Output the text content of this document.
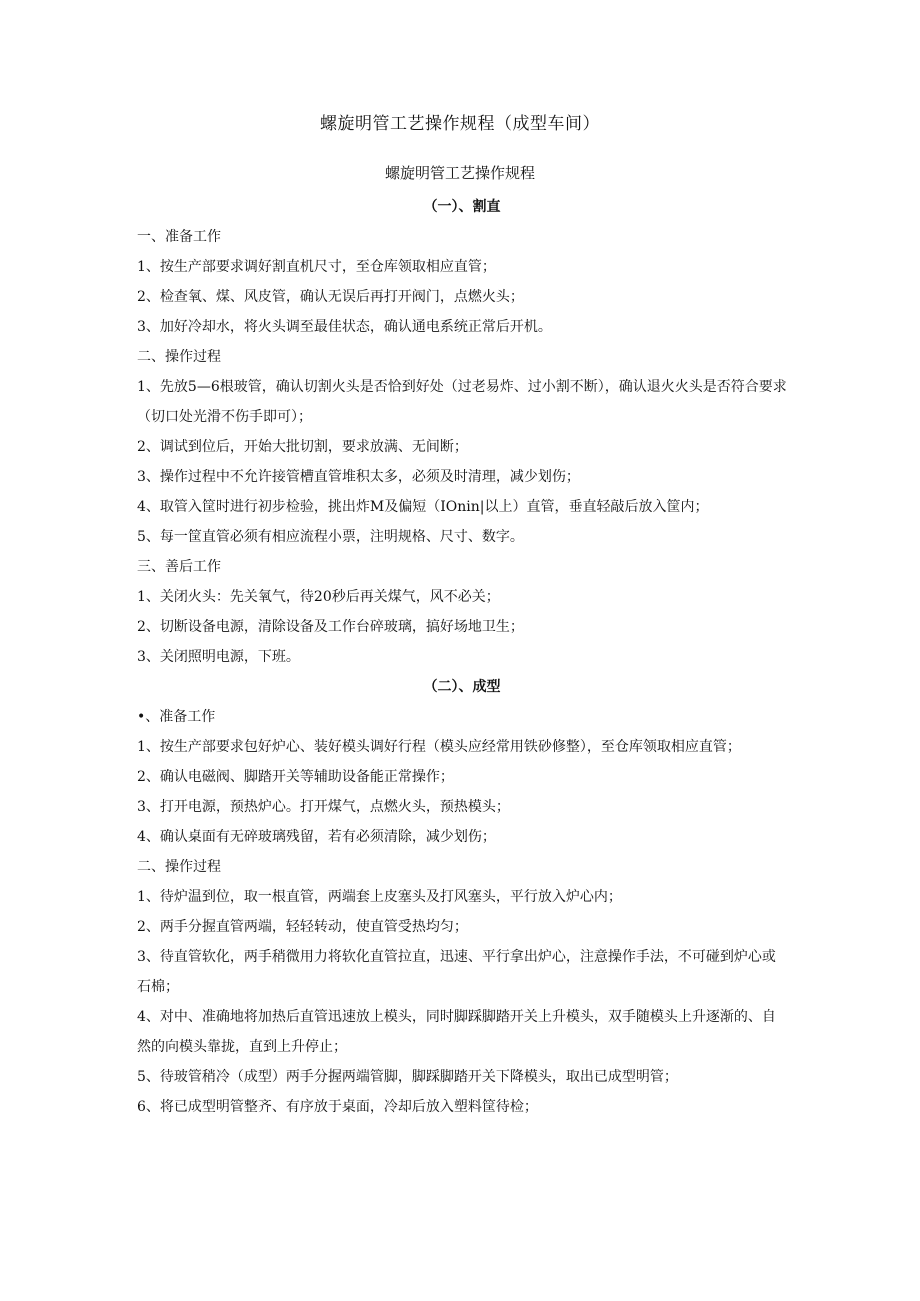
螺旋明管工艺操作规程（成型车间）
螺旋明管工艺操作规程

（一）、割直

一、准备工作

1、按生产部要求调好割直机尺寸，至仓库领取相应直管；

2、检查氧、煤、风皮管，确认无误后再打开阀门，点燃火头；

3、加好冷却水，将火头调至最佳状态，确认通电系统正常后开机。

二、操作过程

1、先放5—6根玻管，确认切割火头是否恰到好处（过老易炸、过小割不断），确认退火火头是否符合要求（切口处光滑不伤手即可）；

2、调试到位后，开始大批切割，要求放满、无间断；

3、操作过程中不允许接管槽直管堆积太多，必须及时清理，减少划伤；

4、取管入筐时进行初步检验，挑出炸M及偏短（IOnin|以上）直管，垂直轻敲后放入筐内；

5、每一筐直管必须有相应流程小票，注明规格、尺寸、数字。

三、善后工作

1、关闭火头：先关氧气，待20秒后再关煤气，风不必关；

2、切断设备电源，清除设备及工作台碎玻璃，搞好场地卫生；

3、关闭照明电源，下班。

（二）、成型

•、准备工作

1、按生产部要求包好炉心、装好模头调好行程（模头应经常用铁砂修整），至仓库领取相应直管；

2、确认电磁阀、脚踏开关等辅助设备能正常操作；

3、打开电源，预热炉心。打开煤气，点燃火头，预热模头；

4、确认桌面有无碎玻璃残留，若有必须清除，减少划伤；

二、操作过程

1、待炉温到位，取一根直管，两端套上皮塞头及打风塞头，平行放入炉心内；

2、两手分握直管两端，轻轻转动，使直管受热均匀；

3、待直管软化，两手稍微用力将软化直管拉直，迅速、平行拿出炉心，注意操作手法，不可碰到炉心或石棉；

4、对中、准确地将加热后直管迅速放上模头，同时脚踩脚踏开关上升模头，双手随模头上升逐渐的、自然的向模头靠拢，直到上升停止；

5、待玻管稍冷（成型）两手分握两端管脚，脚踩脚踏开关下降模头，取出已成型明管；

6、将已成型明管整齐、有序放于桌面，冷却后放入塑料筐待检；
